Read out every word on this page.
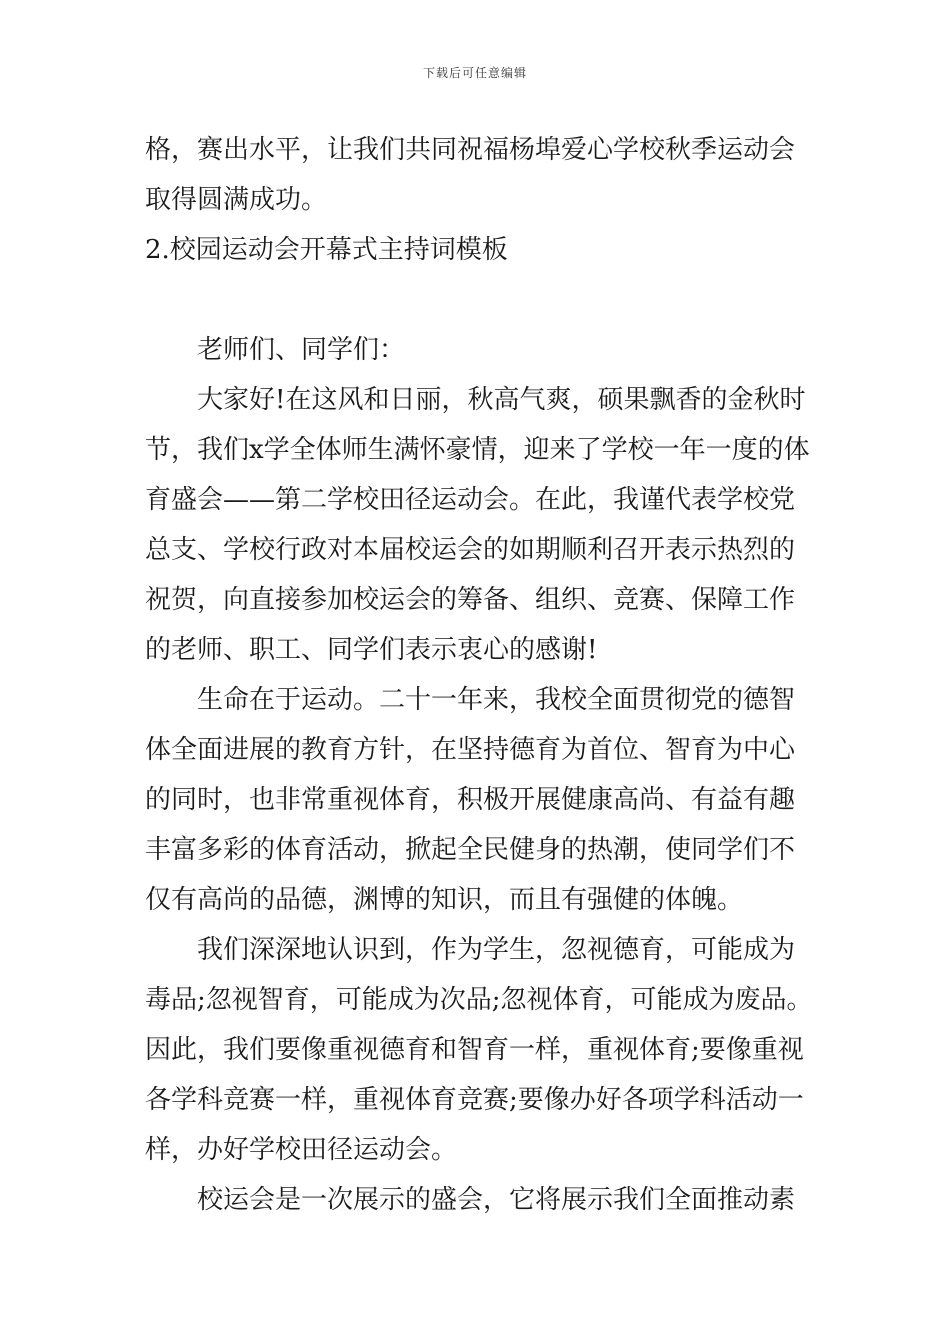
下载后可任意编辑
格，赛出水平，让我们共同祝福杨埠爱心学校秋季运动会
取得圆满成功。
2.校园运动会开幕式主持词模板
老师们、同学们：
大家好!在这风和日丽，秋高气爽，硕果飘香的金秋时
节，我们x学全体师生满怀豪情，迎来了学校一年一度的体
育盛会——第二学校田径运动会。在此，我谨代表学校党
总支、学校行政对本届校运会的如期顺利召开表示热烈的
祝贺，向直接参加校运会的筹备、组织、竞赛、保障工作
的老师、职工、同学们表示衷心的感谢!
生命在于运动。二十一年来，我校全面贯彻党的德智
体全面进展的教育方针，在坚持德育为首位、智育为中心
的同时，也非常重视体育，积极开展健康高尚、有益有趣
丰富多彩的体育活动，掀起全民健身的热潮，使同学们不
仅有高尚的品德，渊博的知识，而且有强健的体魄。
我们深深地认识到，作为学生，忽视德育，可能成为
毒品;忽视智育，可能成为次品;忽视体育，可能成为废品。
因此，我们要像重视德育和智育一样，重视体育;要像重视
各学科竞赛一样，重视体育竞赛;要像办好各项学科活动一
样，办好学校田径运动会。
校运会是一次展示的盛会，它将展示我们全面推动素
